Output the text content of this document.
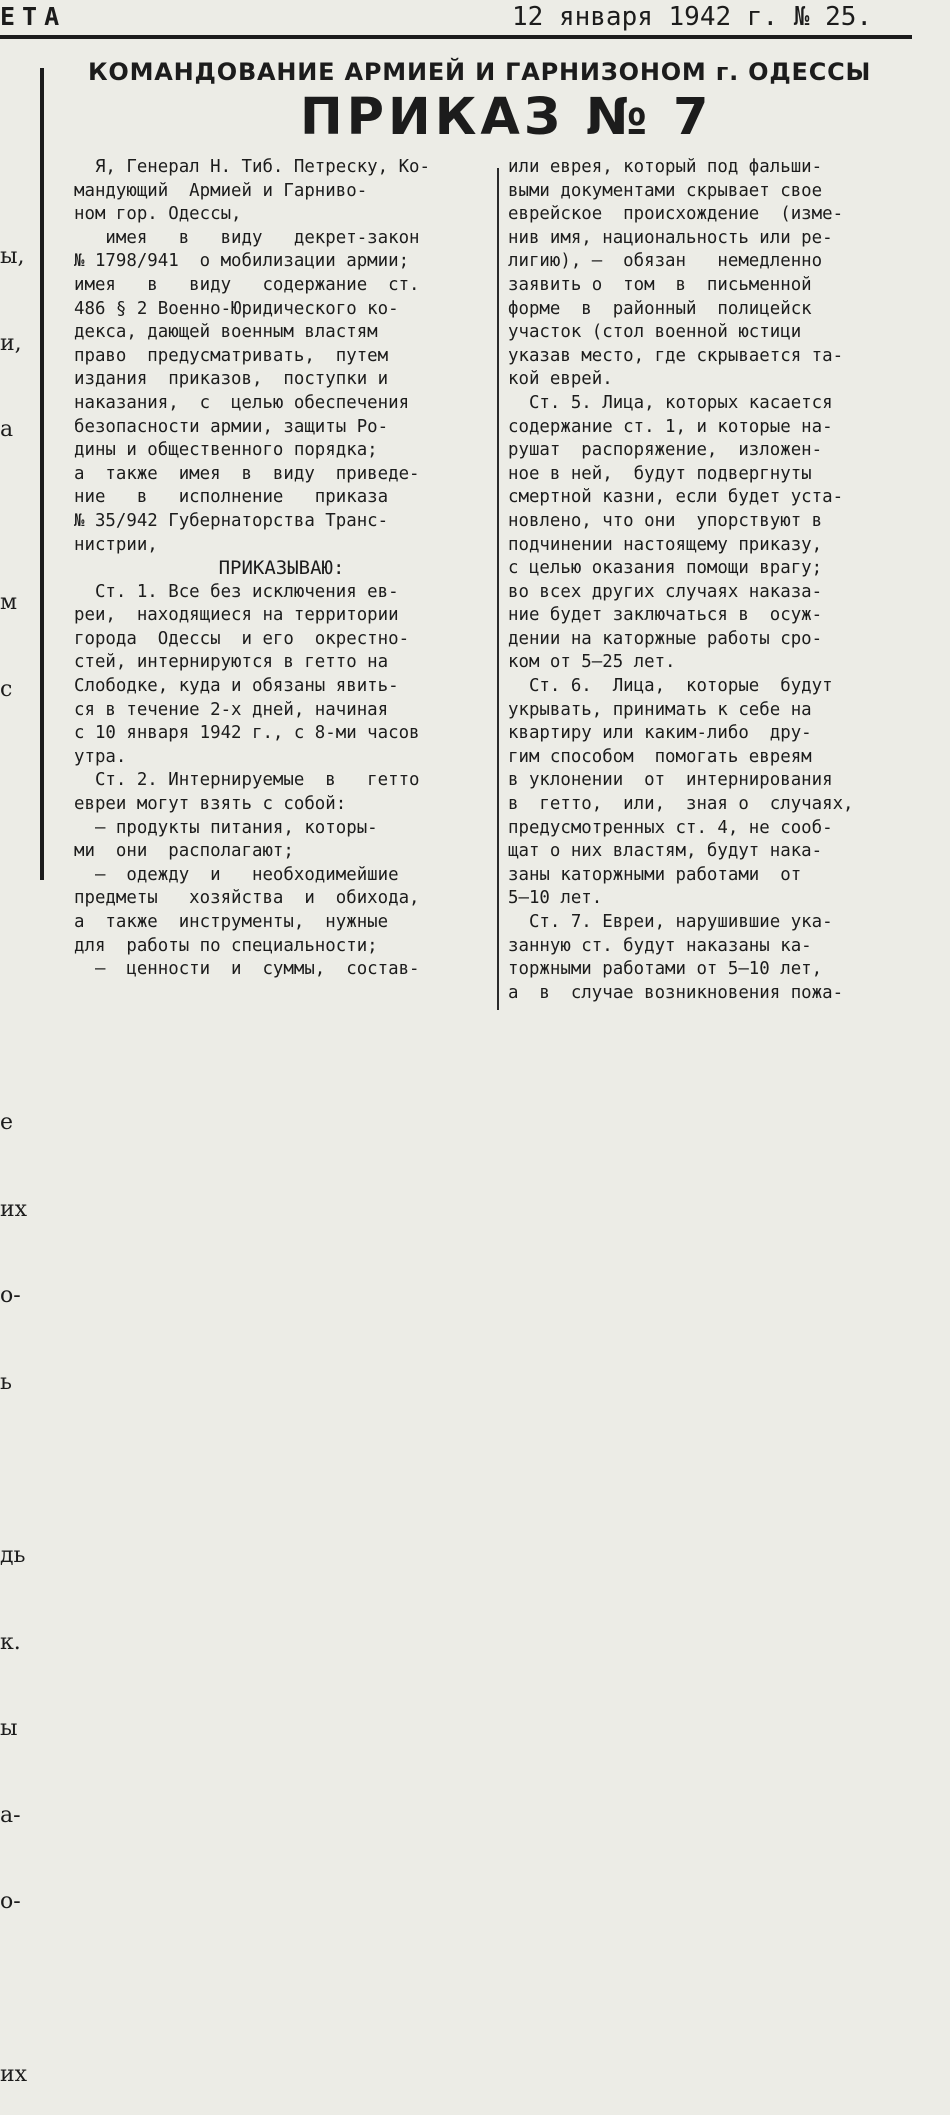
ЕТА	12 января 1942 г. № 25.

ы,

и,

а

м

с

е

их

о-

ь

дь

к.

ы

а-

о-

их

КОМАНДОВАНИЕ АРМИЕЙ И ГАРНИЗОНОМ г. ОДЕССЫ
ПРИКАЗ № 7
Я, Генерал Н. Тиб. Петреску, Ко-
мандующий  Армией и Гарниво-
ном гор. Одессы,
имея   в   виду   декрет-закон
№ 1798/941  о мобилизации армии;
имея   в   виду   содержание  ст.
486 § 2 Военно-Юридического ко-
декса, дающей военным властям
право  предусматривать,  путем
издания  приказов,  поступки и
наказания,  с  целью обеспечения
безопасности армии, защиты Ро-
дины и общественного порядка;
а  также  имея  в  виду  приведе-
ние   в   исполнение   приказа
№ 35/942 Губернаторства Транс-
нистрии,
ПРИКАЗЫВАЮ:
Ст. 1. Все без исключения ев-
реи,  находящиеся на территории
города  Одессы  и его  окрестно-
стей, интернируются в гетто на
Слободке, куда и обязаны явить-
ся в течение 2-х дней, начиная
с 10 января 1942 г., с 8-ми часов
утра.
Ст. 2. Интернируемые  в   гетто
евреи могут взять с собой:
— продукты питания, которы-
ми  они  располагают;
—  одежду  и   необходимейшие
предметы   хозяйства  и  обихода,
а  также  инструменты,  нужные
для  работы по специальности;
—  ценности  и  суммы,  состав-
или еврея, который под фальши-
выми документами скрывает свое
еврейское  происхождение  (изме-
нив имя, национальность или ре-
лигию), —  обязан   немедленно
заявить о  том  в  письменной
форме  в  районный  полицейск
участок (стол военной юстици
указав место, где скрывается та-
кой еврей.
Ст. 5. Лица, которых касается
содержание ст. 1, и которые на-
рушат  распоряжение,  изложен-
ное в ней,  будут подвергнуты
смертной казни, если будет уста-
новлено, что они  упорствуют в
подчинении настоящему приказу,
с целью оказания помощи врагу;
во всех других случаях наказа-
ние будет заключаться в  осуж-
дении на каторжные работы сро-
ком от 5—25 лет.
Ст. 6.  Лица,  которые  будут
укрывать, принимать к себе на
квартиру или каким-либо  дру-
гим способом  помогать евреям
в уклонении  от  интернирования
в  гетто,  или,  зная о  случаях,
предусмотренных ст. 4, не сооб-
щат о них властям, будут нака-
заны каторжными работами  от
5—10 лет.
Ст. 7. Евреи, нарушившие ука-
занную ст. будут наказаны ка-
торжными работами от 5—10 лет,
а  в  случае возникновения пожа-
